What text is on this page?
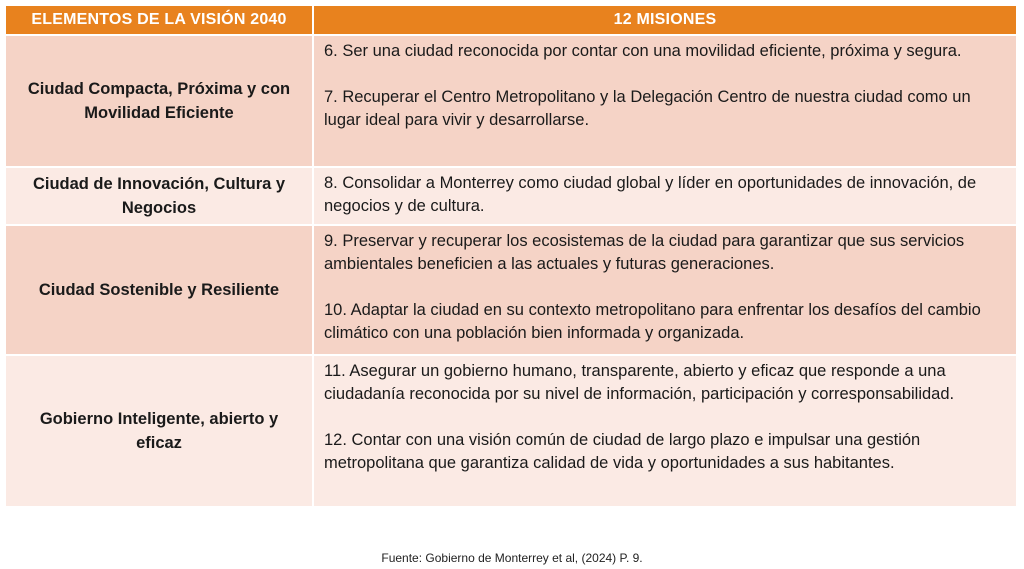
ELEMENTOS DE LA VISIÓN 2040	12 MISIONES
Ciudad Compacta, Próxima y con Movilidad Eficiente

6. Ser una ciudad reconocida por contar con una movilidad eficiente, próxima y segura.

7. Recuperar el Centro Metropolitano y la Delegación Centro de nuestra ciudad como un lugar ideal para vivir y desarrollarse.

Ciudad de Innovación, Cultura y Negocios

8. Consolidar a Monterrey como ciudad global y líder en oportunidades de innovación, de negocios y de cultura.

Ciudad Sostenible y Resiliente

9. Preservar y recuperar los ecosistemas de la ciudad para garantizar que sus servicios ambientales beneficien a las actuales y futuras generaciones.

10. Adaptar la ciudad en su contexto metropolitano para enfrentar los desafíos del cambio climático con una población bien informada y organizada.

Gobierno Inteligente, abierto y eficaz

11. Asegurar un gobierno humano, transparente, abierto y eficaz que responde a una ciudadanía reconocida por su nivel de información, participación y corresponsabilidad.

12. Contar con una visión común de ciudad de largo plazo e impulsar una gestión metropolitana que garantiza calidad de vida y oportunidades a sus habitantes.

Fuente: Gobierno de Monterrey et al, (2024) P. 9.
